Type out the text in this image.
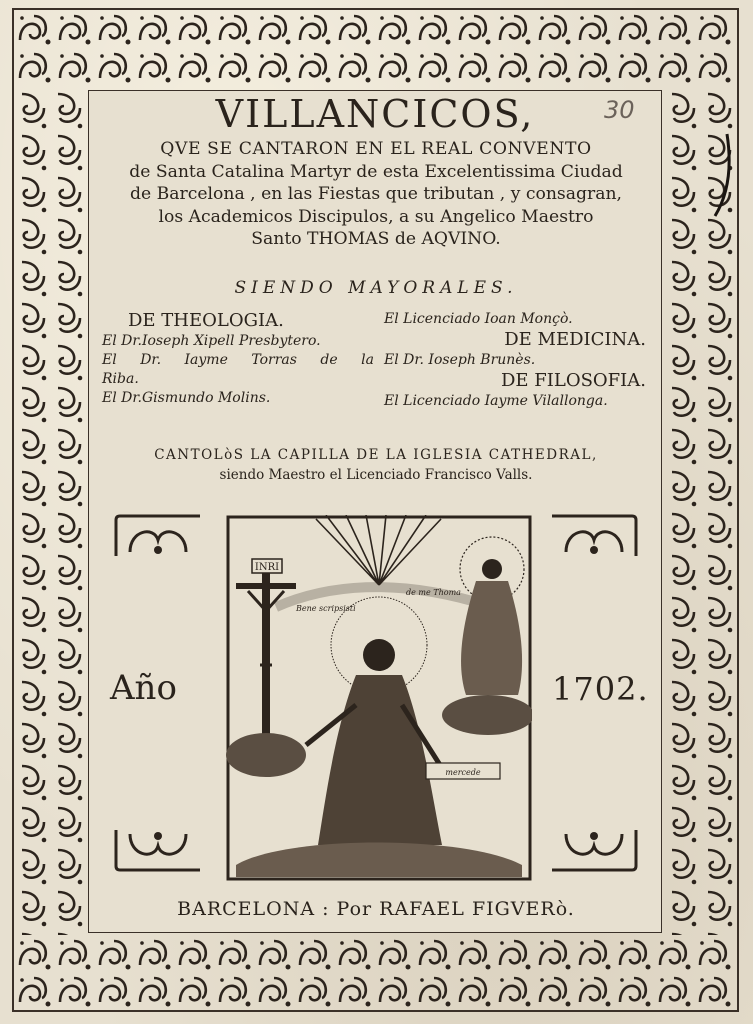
VILLANCICOS,	30
QVE SE CANTARON EN EL REAL CONVENTO
de Santa Catalina Martyr de esta Excelentissima Ciudad
de Barcelona , en las Fiestas que tributan , y consagran,
los Academicos Discipulos, a su Angelico Maestro
Santo THOMAS de AQVINO.
SIENDO MAYORALES.
DE THEOLOGIA.
El Dr.Ioseph Xipell Presbytero.
El Dr. Iayme Torras de la
Riba.
El Dr.Gismundo Molins.
El Licenciado Ioan Monçò.
DE MEDICINA.
El Dr. Ioseph Brunès.
DE FILOSOFIA.
El Licenciado Iayme Vilallonga.
CANTOLòS LA CAPILLA DE LA IGLESIA CATHEDRAL,
siendo Maestro el Licenciado Francisco Valls.
Año	1702.
INRI
Bene scripsisti
de me Thoma
mercede
BARCELONA : Por RAFAEL FIGVERò.
